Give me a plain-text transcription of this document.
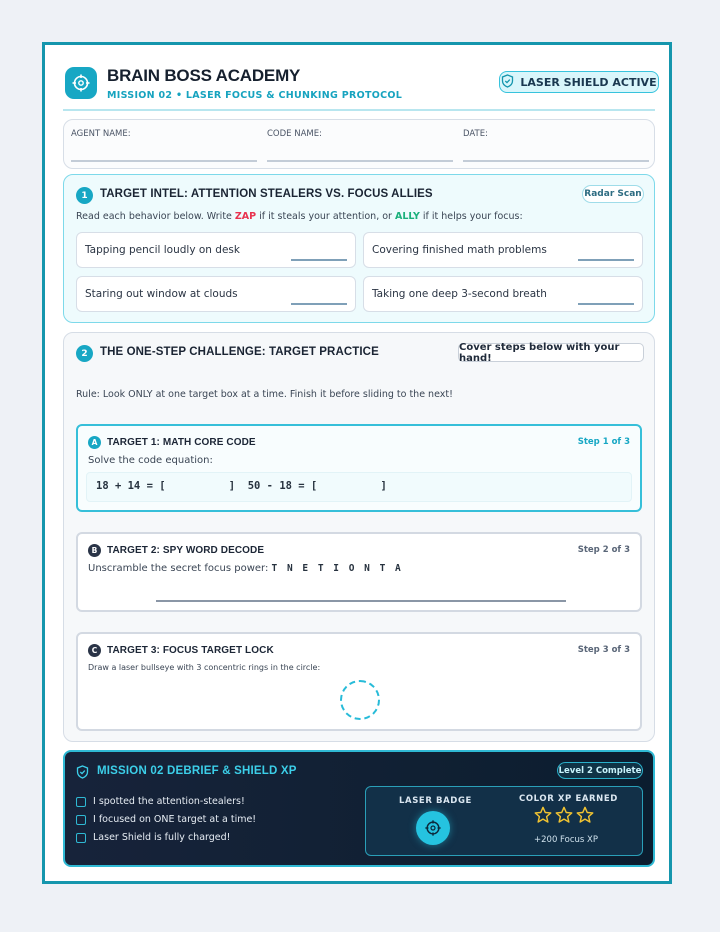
BRAIN BOSS ACADEMY
MISSION 02 • LASER FOCUS & CHUNKING PROTOCOL
LASER SHIELD ACTIVE
AGENT NAME:	CODE NAME:	DATE:
1	TARGET INTEL: ATTENTION STEALERS VS. FOCUS ALLIES	Radar Scan
Read each behavior below. Write ZAP if it steals your attention, or ALLY if it helps your focus:
Tapping pencil loudly on desk	Covering finished math problems
Staring out window at clouds	Taking one deep 3-second breath
2	THE ONE-STEP CHALLENGE: TARGET PRACTICE	Cover steps below with your hand!
Rule: Look ONLY at one target box at a time. Finish it before sliding to the next!
A TARGET 1: MATH CORE CODE	Step 1 of 3
Solve the code equation:
18 + 14 = [          ]  50 - 18 = [          ]
B TARGET 2: SPY WORD DECODE	Step 2 of 3
Unscramble the secret focus power: T N E T I O N T A
C TARGET 3: FOCUS TARGET LOCK	Step 3 of 3
Draw a laser bullseye with 3 concentric rings in the circle:
MISSION 02 DEBRIEF & SHIELD XP	Level 2 Complete
I spotted the attention-stealers!
I focused on ONE target at a time!
Laser Shield is fully charged!
LASER BADGE	COLOR XP EARNED
+200 Focus XP
